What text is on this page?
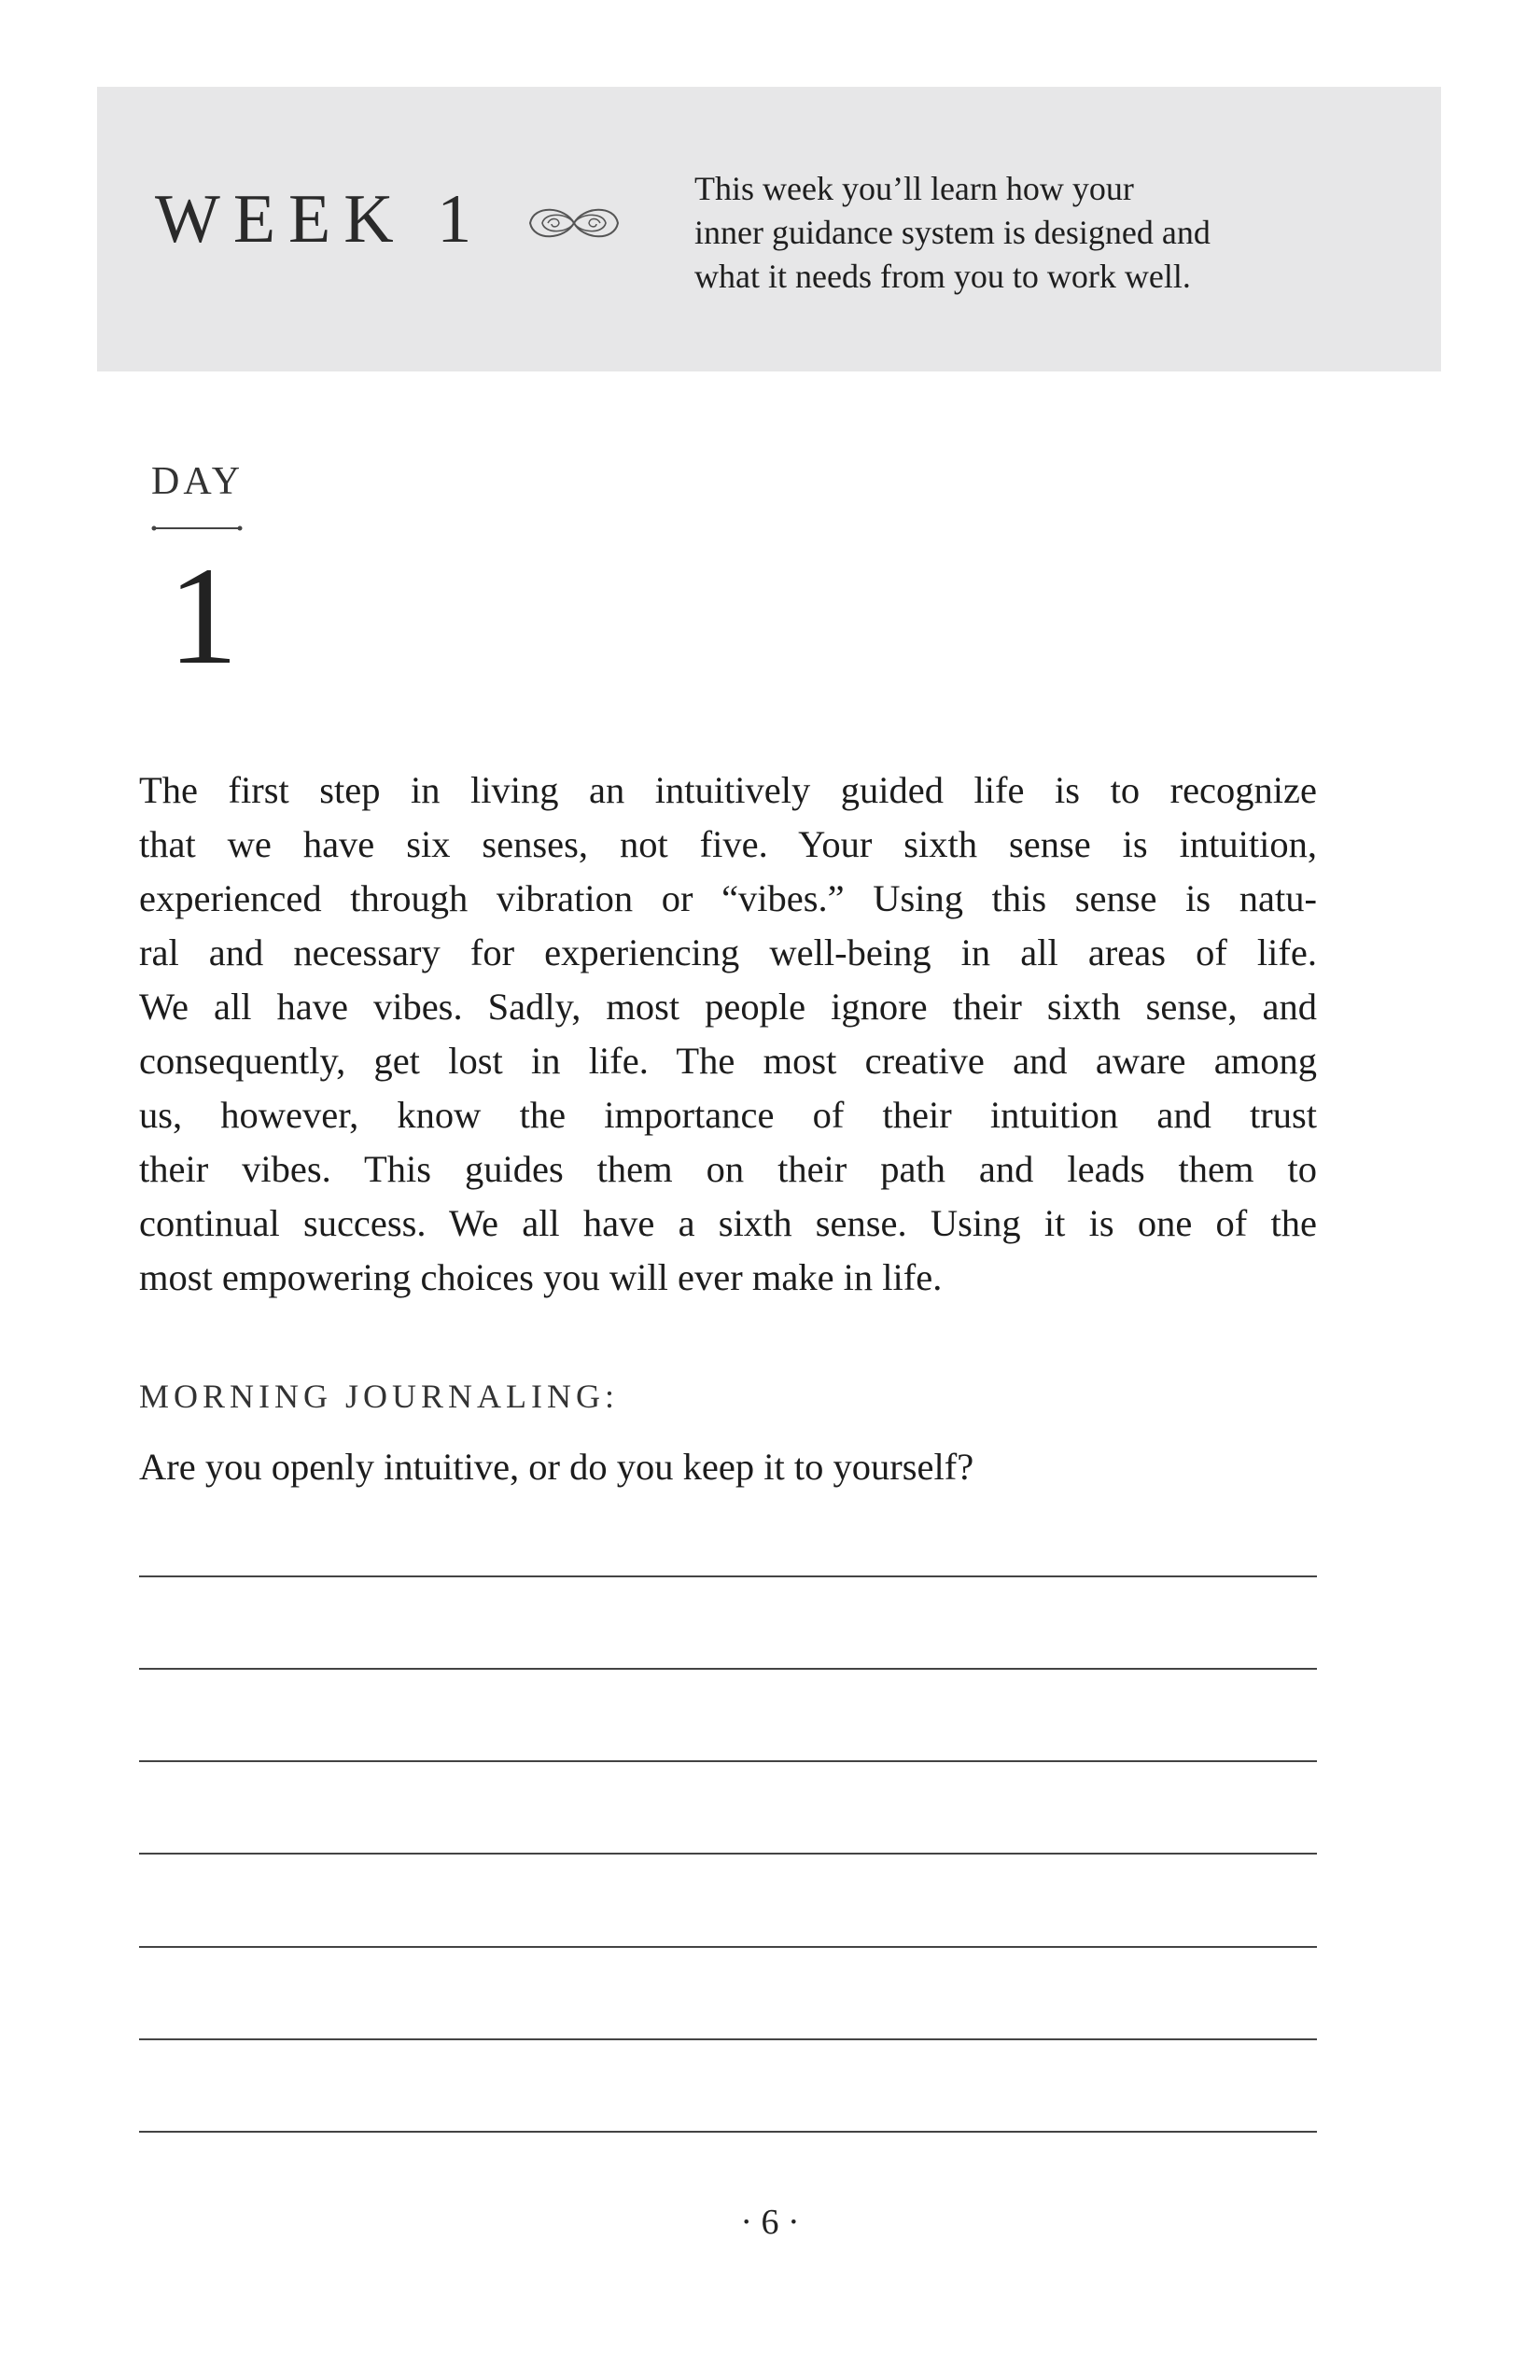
WEEK 1	This week you’ll learn how your
inner guidance system is designed and
what it needs from you to work well.
DAY
1
The first step in living an intuitively guided life is to recognize
that we have six senses, not five. Your sixth sense is intuition,
experienced through vibration or “vibes.” Using this sense is natu-
ral and necessary for experiencing well-being in all areas of life.
We all have vibes. Sadly, most people ignore their sixth sense, and
consequently, get lost in life. The most creative and aware among
us, however, know the importance of their intuition and trust
their vibes. This guides them on their path and leads them to
continual success. We all have a sixth sense. Using it is one of the
most empowering choices you will ever make in life.
MORNING JOURNALING:
Are you openly intuitive, or do you keep it to yourself?
· 6 ·
